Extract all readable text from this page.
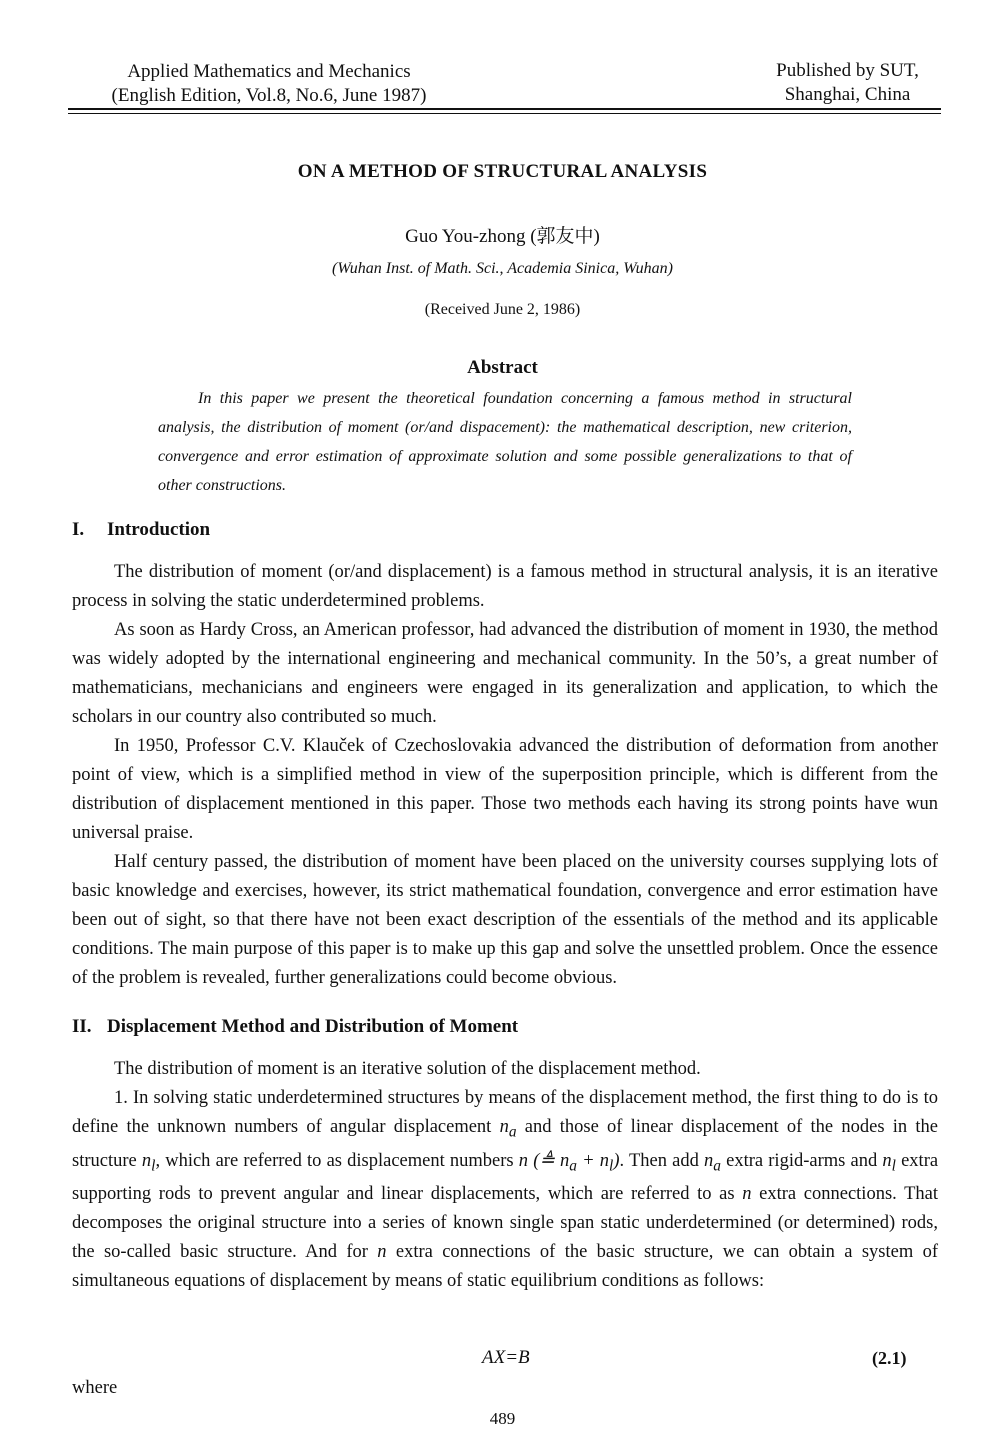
Applied Mathematics and Mechanics
(English Edition, Vol.8, No.6, June 1987)
Published by SUT,
Shanghai, China
ON A METHOD OF STRUCTURAL ANALYSIS
Guo You-zhong (郭友中)
(Wuhan Inst. of Math. Sci., Academia Sinica, Wuhan)
(Received June 2, 1986)
Abstract
In this paper we present the theoretical foundation concerning a famous method in structural analysis, the distribution of moment (or/and dispacement): the mathematical description, new criterion, convergence and error estimation of approximate solution and some possible generalizations to that of other constructions.
I. Introduction

The distribution of moment (or/and displacement) is a famous method in structural analysis, it is an iterative process in solving the static underdetermined problems.

As soon as Hardy Cross, an American professor, had advanced the distribution of moment in 1930, the method was widely adopted by the international engineering and mechanical community. In the 50’s, a great number of mathematicians, mechanicians and engineers were engaged in its generalization and application, to which the scholars in our country also contributed so much.

In 1950, Professor C.V. Klauček of Czechoslovakia advanced the distribution of deformation from another point of view, which is a simplified method in view of the superposition principle, which is different from the distribution of displacement mentioned in this paper. Those two methods each having its strong points have wun universal praise.

Half century passed, the distribution of moment have been placed on the university courses supplying lots of basic knowledge and exercises, however, its strict mathematical foundation, convergence and error estimation have been out of sight, so that there have not been exact description of the essentials of the method and its applicable conditions. The main purpose of this paper is to make up this gap and solve the unsettled problem. Once the essence of the problem is revealed, further generalizations could become obvious.

II. Displacement Method and Distribution of Moment

The distribution of moment is an iterative solution of the displacement method.

1. In solving static underdetermined structures by means of the displacement method, the first thing to do is to define the unknown numbers of angular displacement $n_a$ and those of linear displacement of the nodes in the structure $n_l$, which are referred to as displacement numbers n (≜ $n_a + n_l$). Then add $n_a$ extra rigid-arms and $n_l$ extra supporting rods to prevent angular and linear displacements, which are referred to as n extra connections. That decomposes the original structure into a series of known single span static underdetermined (or determined) rods, the so-called basic structure. And for n extra connections of the basic structure, we can obtain a system of simultaneous equations of displacement by means of static equilibrium conditions as follows:

AX=B	(2.1)
where
489
